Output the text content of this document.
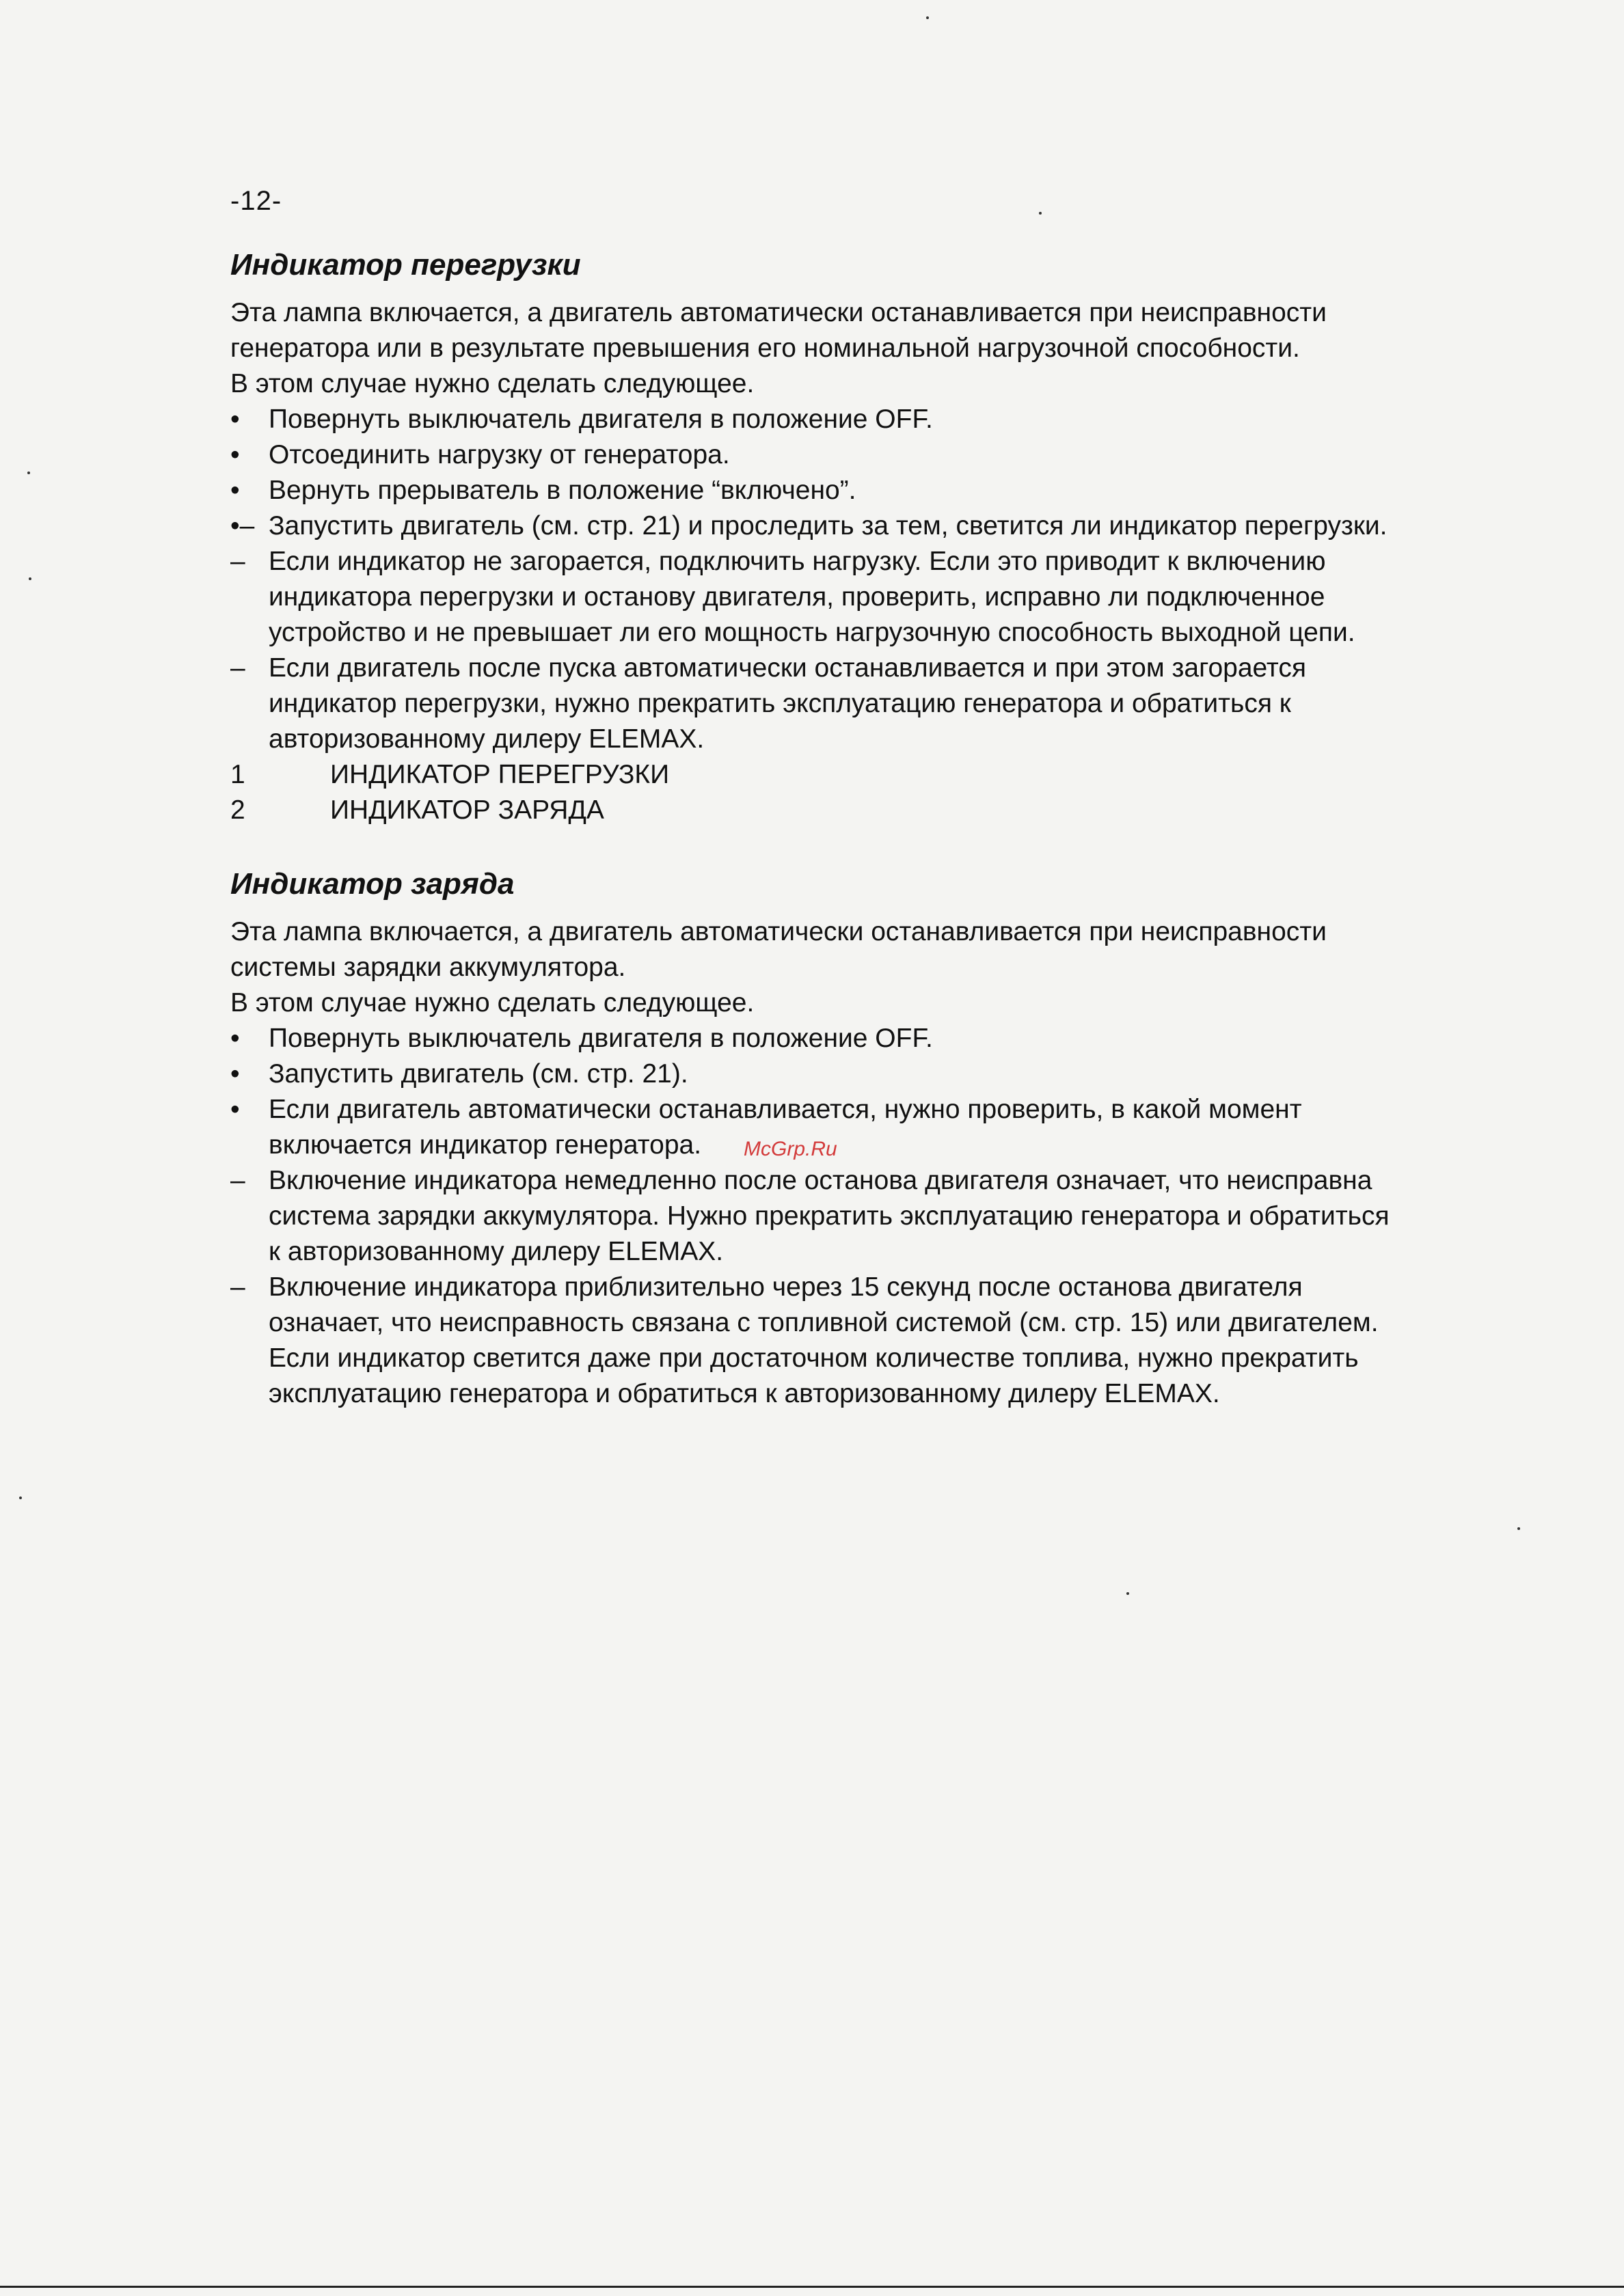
-12-
Индикатор перегрузки

Эта лампа включается, а двигатель автоматически останавливается при неисправности генератора или в результате превышения его номинальной нагрузочной способности.

В этом случае нужно сделать следующее.

•	Повернуть выключатель двигателя в положение OFF.
•	Отсоединить нагрузку от генератора.
•	Вернуть прерыватель в положение “включено”.
•– Запустить двигатель (см. стр. 21) и проследить за тем, светится ли индикатор перегрузки.
– Если индикатор не загорается, подключить нагрузку. Если это приводит к включению индикатора перегрузки и останову двигателя, проверить, исправно ли подключенное устройство и не превышает ли его мощность нагрузочную способность выходной цепи.
– Если двигатель после пуска автоматически останавливается и при этом загорается индикатор перегрузки, нужно прекратить эксплуатацию генератора и обратиться к авторизованному дилеру ELEMAX.
1	ИНДИКАТОР ПЕРЕГРУЗКИ
2	ИНДИКАТОР ЗАРЯДА
Индикатор заряда

Эта лампа включается, а двигатель автоматически останавливается при неисправности системы зарядки аккумулятора.

В этом случае нужно сделать следующее.

•	Повернуть выключатель двигателя в положение OFF.
•	Запустить двигатель (см. стр. 21).
•	Если двигатель автоматически останавливается, нужно проверить, в какой момент включается индикатор генератора.
– Включение индикатора немедленно после останова двигателя означает, что неисправна система зарядки аккумулятора. Нужно прекратить эксплуатацию генератора и обратиться к авторизованному дилеру ELEMAX.
– Включение индикатора приблизительно через 15 секунд после останова двигателя означает, что неисправность связана с топливной системой (см. стр. 15) или двигателем. Если индикатор светится даже при достаточном количестве топлива, нужно прекратить эксплуатацию генератора и обратиться к авторизованному дилеру ELEMAX.
McGrp.Ru
